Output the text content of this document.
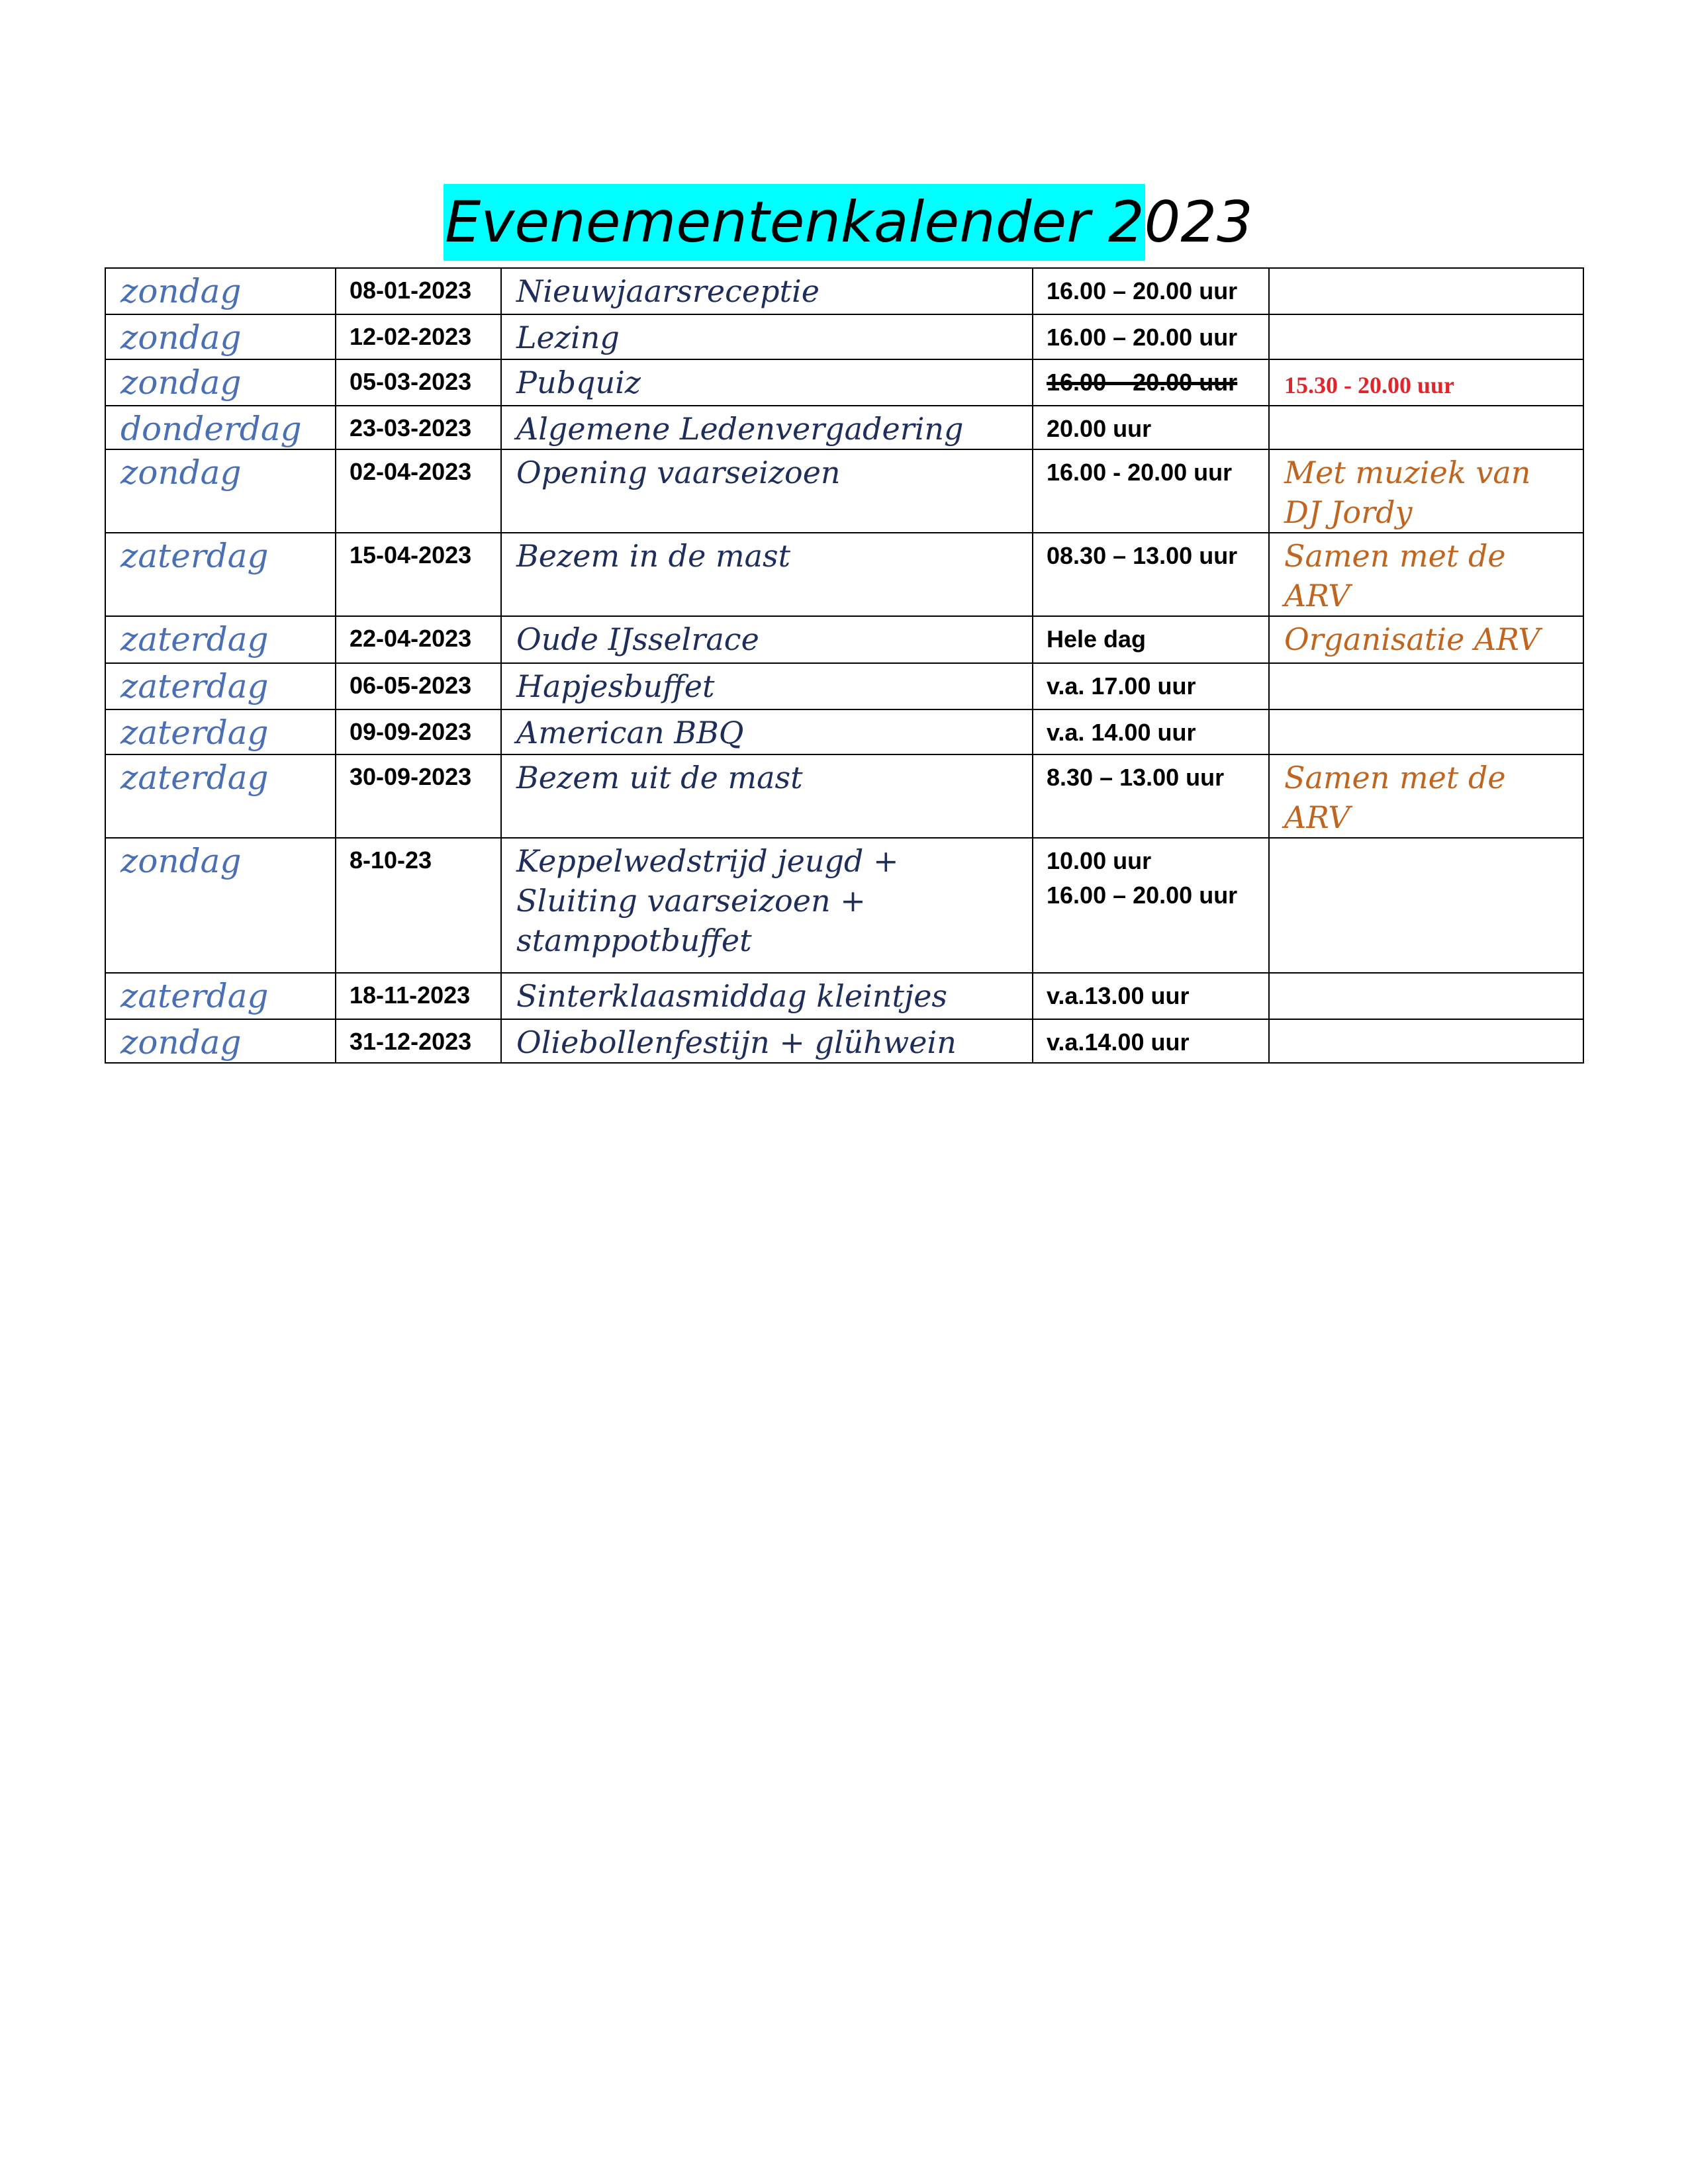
Evenementenkalender 2023
zondag	08-01-2023	Nieuwjaarsreceptie	16.00 – 20.00 uur	
zondag	12-02-2023	Lezing	16.00 – 20.00 uur	
zondag	05-03-2023	Pubquiz	16.00 – 20.00 uur	15.30 - 20.00 uur
donderdag	23-03-2023	Algemene Ledenvergadering	20.00 uur	
zondag	02-04-2023	Opening vaarseizoen	16.00 - 20.00 uur	Met muziek van
DJ Jordy
zaterdag	15-04-2023	Bezem in de mast	08.30 – 13.00 uur	Samen met de
ARV
zaterdag	22-04-2023	Oude IJsselrace	Hele dag	Organisatie ARV
zaterdag	06-05-2023	Hapjesbuffet	v.a. 17.00 uur	
zaterdag	09-09-2023	American BBQ	v.a. 14.00 uur	
zaterdag	30-09-2023	Bezem uit de mast	8.30 – 13.00 uur	Samen met de
ARV
zondag	8-10-23	Keppelwedstrijd jeugd +
Sluiting vaarseizoen +
stamppotbuffet	10.00 uur
16.00 – 20.00 uur	
zaterdag	18-11-2023	Sinterklaasmiddag kleintjes	v.a.13.00 uur	
zondag	31-12-2023	Oliebollenfestijn + glühwein	v.a.14.00 uur	
